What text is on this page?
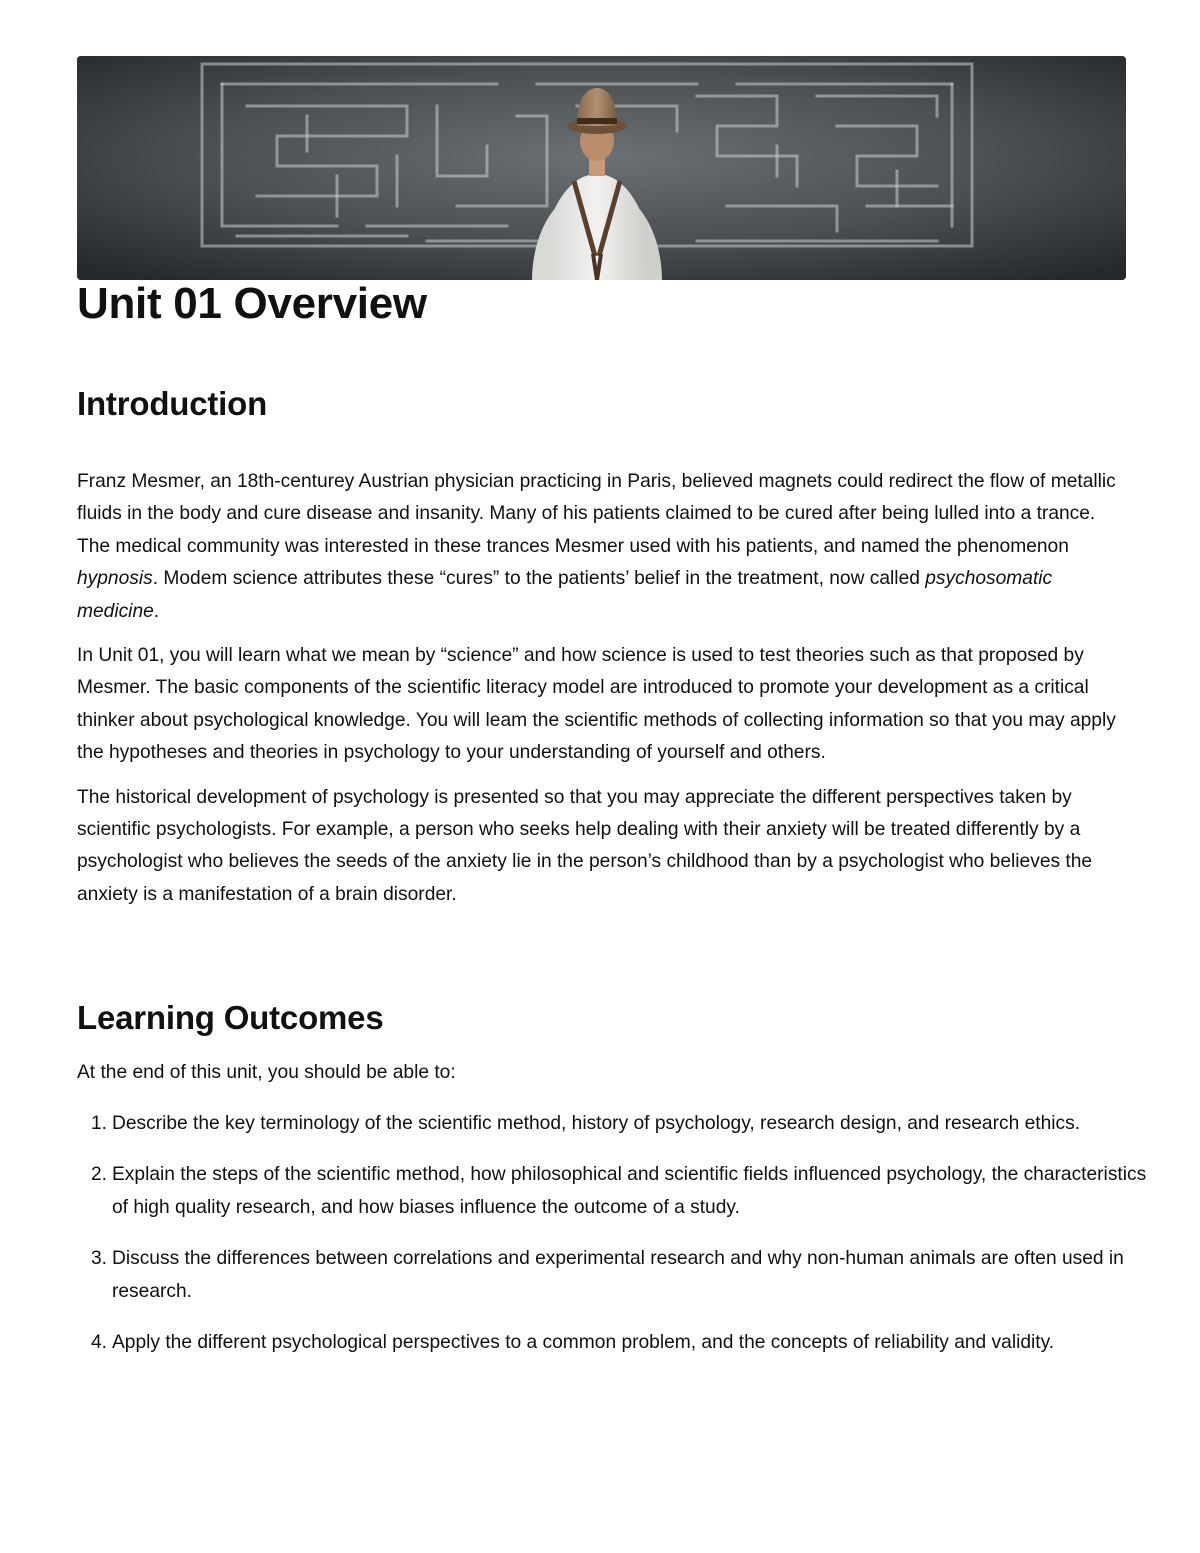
Unit 01 Overview
Introduction

Franz Mesmer, an 18th-centurey Austrian physician practicing in Paris, believed magnets could redirect the flow of metallic fluids in the body and cure disease and insanity. Many of his patients claimed to be cured after being lulled into a trance. The medical community was interested in these trances Mesmer used with his patients, and named the phenomenon hypnosis. Modem science attributes these “cures” to the patients’ belief in the treatment, now called psychosomatic medicine.

In Unit 01, you will learn what we mean by “science” and how science is used to test theories such as that proposed by Mesmer. The basic components of the scientific literacy model are introduced to promote your development as a critical thinker about psychological knowledge. You will leam the scientific methods of collecting information so that you may apply the hypotheses and theories in psychology to your understanding of yourself and others.

The historical development of psychology is presented so that you may appreciate the different perspectives taken by scientific psychologists. For example, a person who seeks help dealing with their anxiety will be treated differently by a psychologist who believes the seeds of the anxiety lie in the person’s childhood than by a psychologist who believes the anxiety is a manifestation of a brain disorder.

Learning Outcomes

At the end of this unit, you should be able to:

1. Describe the key terminology of the scientific method, history of psychology, research design, and research ethics.
2. Explain the steps of the scientific method, how philosophical and scientific fields influenced psychology, the characteristics of high quality research, and how biases influence the outcome of a study.
3. Discuss the differences between correlations and experimental research and why non-human animals are often used in research.
4. Apply the different psychological perspectives to a common problem, and the concepts of reliability and validity.
